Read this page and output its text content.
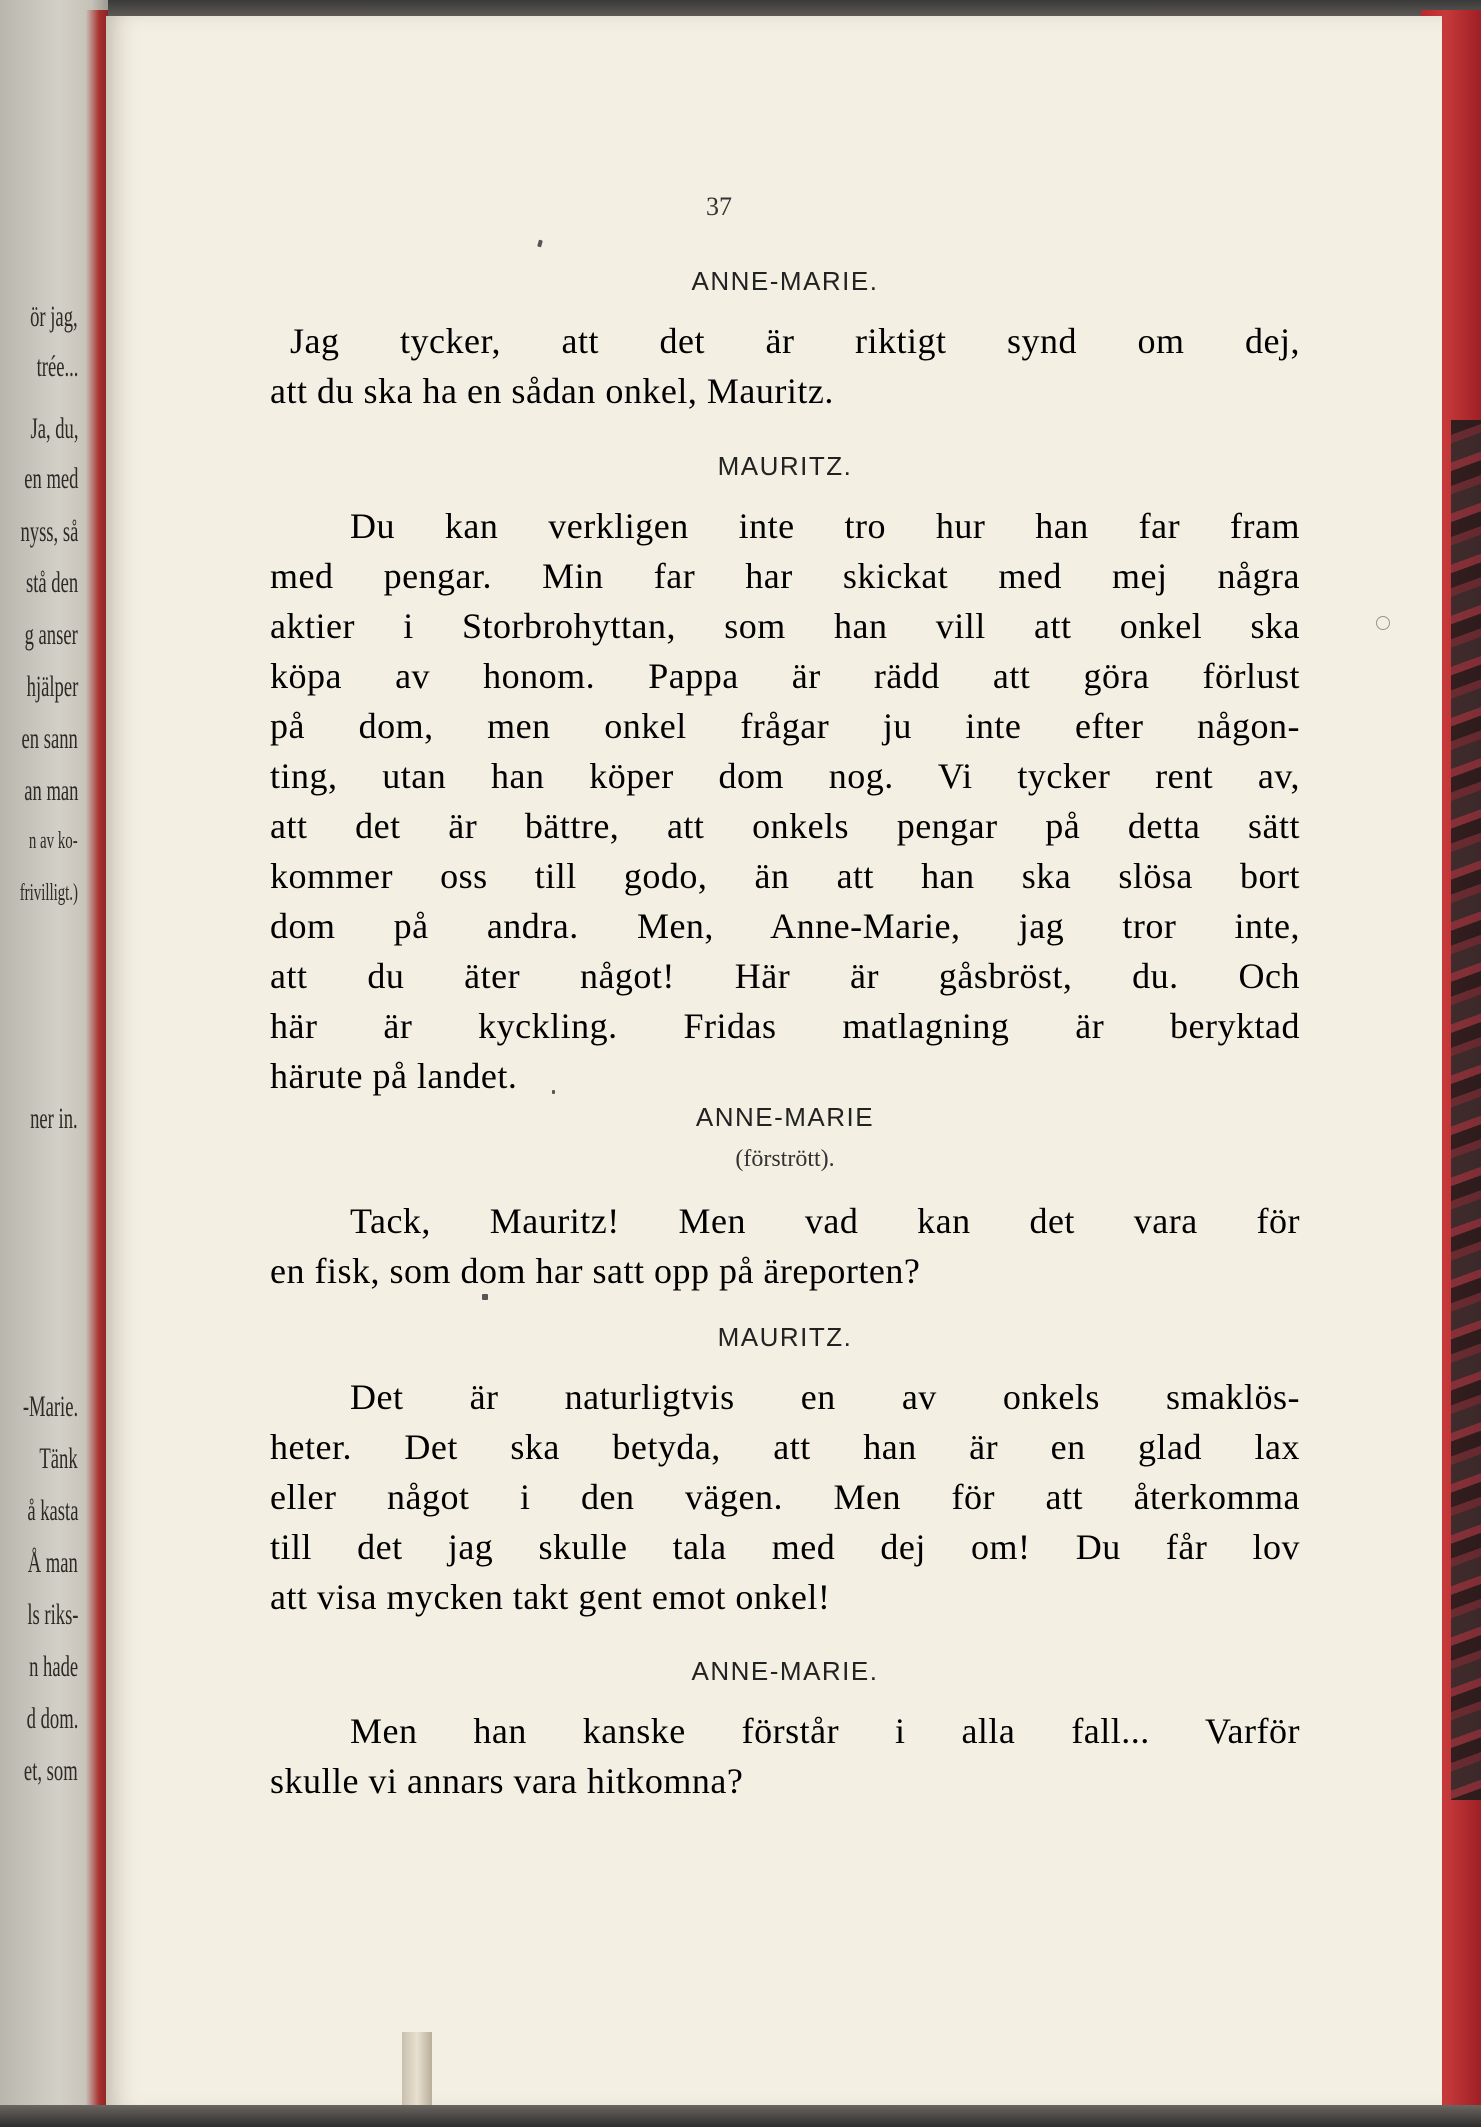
ör jag,
trée...
Ja, du,
en med
nyss, så
stå den
g anser
hjälper
en sann
an man
n av ko-
frivilligt.)
ner in.
-Marie.
Tänk
å kasta
Å man
ls riks-
n hade
d dom.
et, som
37
ANNE-MARIE.
Jag tycker, att det är riktigt synd om dej,
att du ska ha en sådan onkel, Mauritz.
MAURITZ.
Du kan verkligen inte tro hur han far fram
med pengar. Min far har skickat med mej några
aktier i Storbrohyttan, som han vill att onkel ska
köpa av honom. Pappa är rädd att göra förlust
på dom, men onkel frågar ju inte efter någon-
ting, utan han köper dom nog. Vi tycker rent av,
att det är bättre, att onkels pengar på detta sätt
kommer oss till godo, än att han ska slösa bort
dom på andra. Men, Anne-Marie, jag tror inte,
att du äter något! Här är gåsbröst, du. Och
här är kyckling. Fridas matlagning är beryktad
härute på landet.
ANNE-MARIE
(förstrött).
Tack, Mauritz! Men vad kan det vara för
en fisk, som dom har satt opp på äreporten?
MAURITZ.
Det är naturligtvis en av onkels smaklös-
heter. Det ska betyda, att han är en glad lax
eller något i den vägen. Men för att återkomma
till det jag skulle tala med dej om! Du får lov
att visa mycken takt gent emot onkel!
ANNE-MARIE.
Men han kanske förstår i alla fall... Varför
skulle vi annars vara hitkomna?
